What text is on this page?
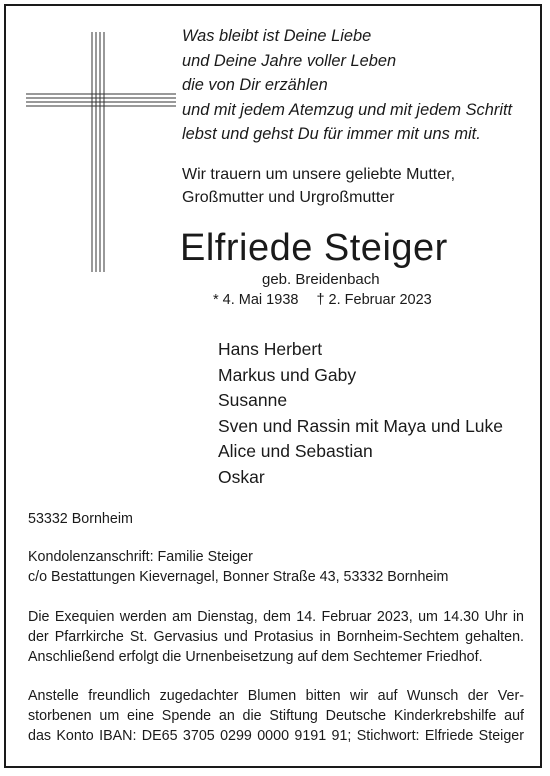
Was bleibt ist Deine Liebe
und Deine Jahre voller Leben
die von Dir erzählen
und mit jedem Atemzug und mit jedem Schritt
lebst und gehst Du für immer mit uns mit.
Wir trauern um unsere geliebte Mutter,
Großmutter und Urgroßmutter
Elfriede Steiger
geb. Breidenbach
* 4. Mai 1938 † 2. Februar 2023
Hans Herbert
Markus und Gaby
Susanne
Sven und Rassin mit Maya und Luke
Alice und Sebastian
Oskar
53332 Bornheim
Kondolenzanschrift: Familie Steiger
c/o Bestattungen Kievernagel, Bonner Straße 43, 53332 Bornheim
Die Exequien werden am Dienstag, dem 14. Februar 2023, um 14.30 Uhr in
der Pfarrkirche St. Gervasius und Protasius in Bornheim-Sechtem gehalten.
Anschließend erfolgt die Urnenbeisetzung auf dem Sechtemer Friedhof.
Anstelle freundlich zugedachter Blumen bitten wir auf Wunsch der Ver-
storbenen um eine Spende an die Stiftung Deutsche Kinderkrebshilfe auf
das Konto IBAN: DE65 3705 0299 0000 9191 91; Stichwort: Elfriede Steiger
